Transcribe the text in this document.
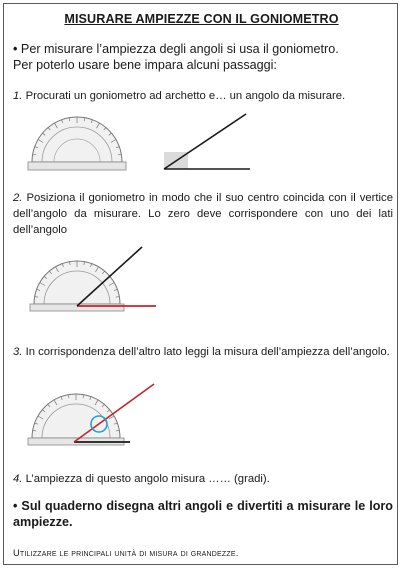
MISURARE AMPIEZZE CON IL GONIOMETRO
• Per misurare l’ampiezza degli angoli si usa il goniometro.
Per poterlo usare bene impara alcuni passaggi:
1. Procurati un goniometro ad archetto e… un angolo da misurare.
2. Posiziona il goniometro in modo che il suo centro coincida con il vertice dell’angolo da misurare. Lo zero deve corrispondere con uno dei lati dell’angolo
3. In corrispondenza dell’altro lato leggi la misura dell’ampiezza dell’angolo.
4. L’ampiezza di questo angolo misura …… (gradi).
• Sul quaderno disegna altri angoli e divertiti a misurare le loro ampiezze.
Utilizzare le principali unità di misura di grandezze.
